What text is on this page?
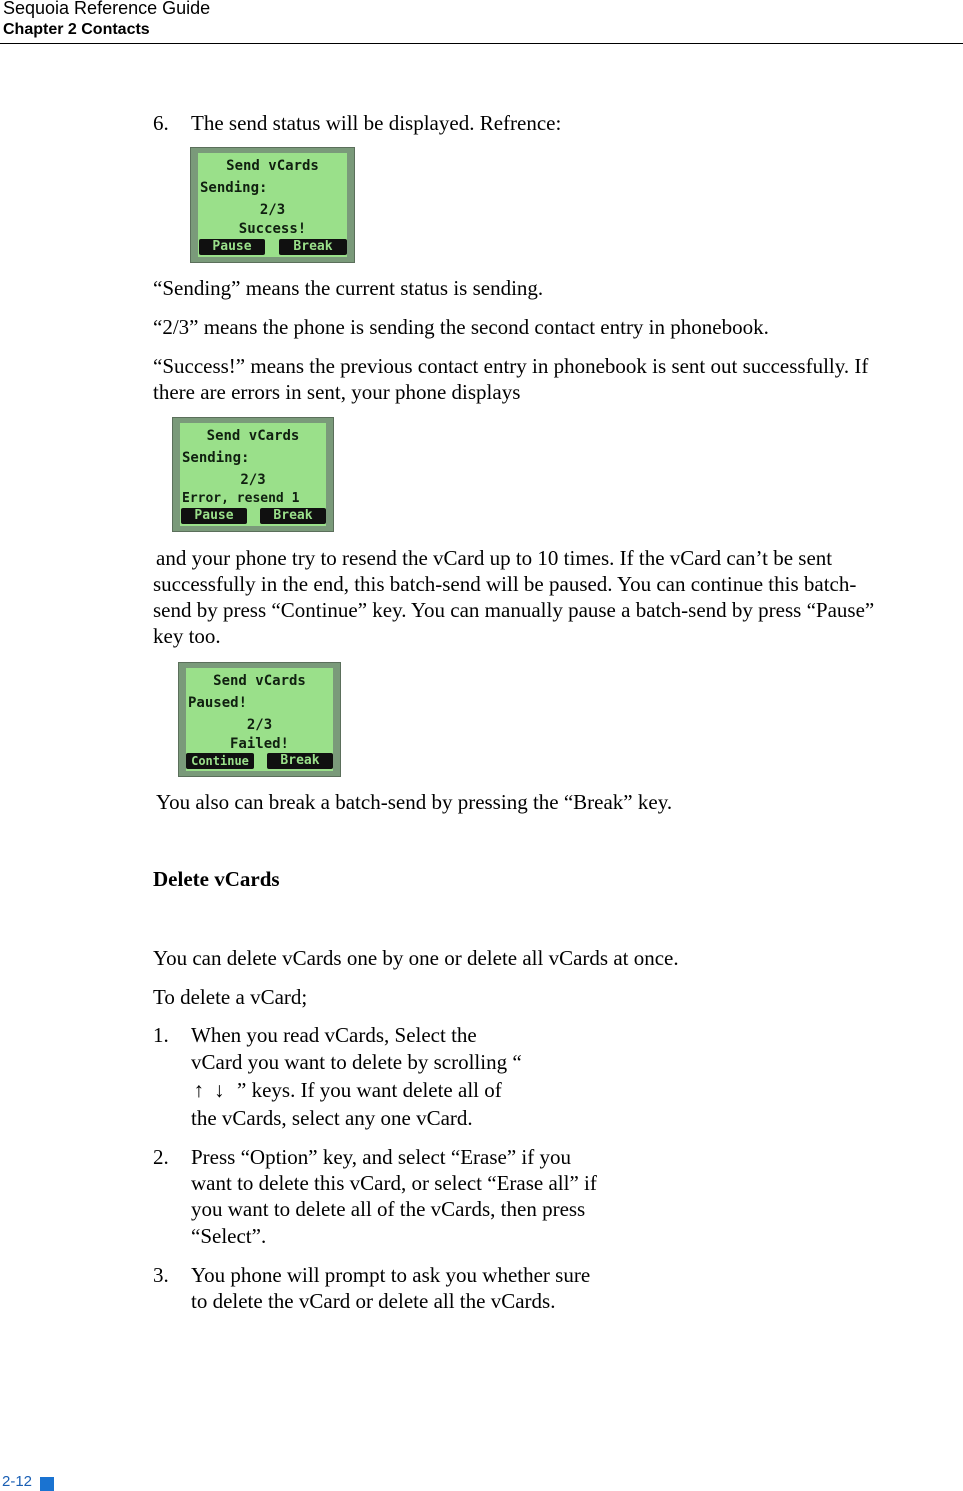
Sequoia Reference Guide
Chapter 2 Contacts
6. The send status will be displayed. Refrence:
Send vCards
Sending:
2/3
Success!
Pause	Break
“Sending” means the current status is sending.
“2/3” means the phone is sending the second contact entry in phonebook.
“Success!” means the previous contact entry in phonebook is sent out successfully. If
there are errors in sent, your phone displays
Send vCards
Sending:
2/3
Error, resend 1
Pause	Break
and your phone try to resend the vCard up to 10 times. If the vCard can’t be sent
successfully in the end, this batch-send will be paused. You can continue this batch-
send by press “Continue” key. You can manually pause a batch-send by press “Pause”
key too.
Send vCards
Paused!
2/3
Failed!
Continue	Break
You also can break a batch-send by pressing the “Break” key.
Delete vCards
You can delete vCards one by one or delete all vCards at once.
To delete a vCard;
1. When you read vCards, Select the
vCard you want to delete by scrolling “
↑↓ ” keys. If you want delete all of
the vCards, select any one vCard.
2. Press “Option” key, and select “Erase” if you
want to delete this vCard, or select “Erase all” if
you want to delete all of the vCards, then press
“Select”.
3. You phone will prompt to ask you whether sure
to delete the vCard or delete all the vCards.
2-12
